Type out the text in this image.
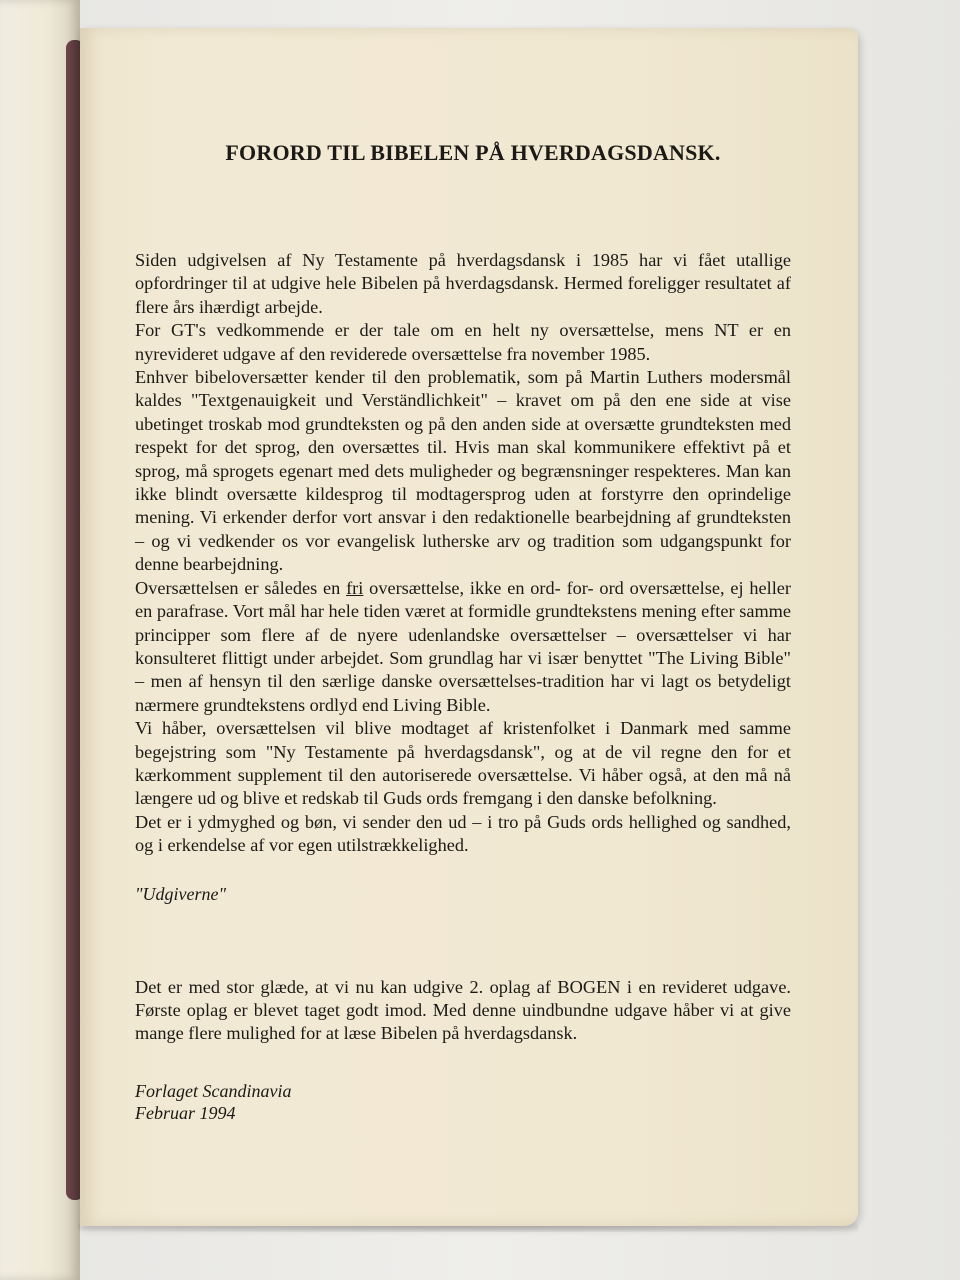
FORORD TIL BIBELEN PÅ HVERDAGSDANSK.

Siden udgivelsen af Ny Testamente på hverdagsdansk i 1985 har vi fået utallige opfordringer til at udgive hele Bibelen på hverdagsdansk. Hermed foreligger resultatet af flere års ihærdigt arbejde.

For GT's vedkommende er der tale om en helt ny oversættelse, mens NT er en nyrevideret udgave af den reviderede oversættelse fra november 1985.

Enhver bibeloversætter kender til den problematik, som på Martin Luthers modersmål kaldes "Textgenauigkeit und Verständlichkeit" – kravet om på den ene side at vise ubetinget troskab mod grundteksten og på den anden side at oversætte grundteksten med respekt for det sprog, den oversættes til. Hvis man skal kommunikere effektivt på et sprog, må sprogets egenart med dets muligheder og begrænsninger respekteres. Man kan ikke blindt oversætte kildesprog til modtagersprog uden at forstyrre den oprindelige mening. Vi erkender derfor vort ansvar i den redaktionelle bearbejdning af grundteksten – og vi vedkender os vor evangelisk lutherske arv og tradition som udgangspunkt for denne bearbejdning.

Oversættelsen er således en fri oversættelse, ikke en ord- for- ord oversættelse, ej heller en parafrase. Vort mål har hele tiden været at formidle grundtekstens mening efter samme principper som flere af de nyere udenlandske oversættelser – oversættelser vi har konsulteret flittigt under arbejdet. Som grundlag har vi især benyttet "The Living Bible" – men af hensyn til den særlige danske oversættelses-tradition har vi lagt os betydeligt nærmere grundtekstens ordlyd end Living Bible.

Vi håber, oversættelsen vil blive modtaget af kristenfolket i Danmark med samme begejstring som "Ny Testamente på hverdagsdansk", og at de vil regne den for et kærkomment supplement til den autoriserede oversættelse. Vi håber også, at den må nå længere ud og blive et redskab til Guds ords fremgang i den danske befolkning.

Det er i ydmyghed og bøn, vi sender den ud – i tro på Guds ords hellighed og sandhed, og i erkendelse af vor egen utilstrækkelighed.

"Udgiverne"

Det er med stor glæde, at vi nu kan udgive 2. oplag af BOGEN i en revideret udgave. Første oplag er blevet taget godt imod. Med denne uindbundne udgave håber vi at give mange flere mulighed for at læse Bibelen på hverdagsdansk.

Forlaget Scandinavia
Februar 1994
